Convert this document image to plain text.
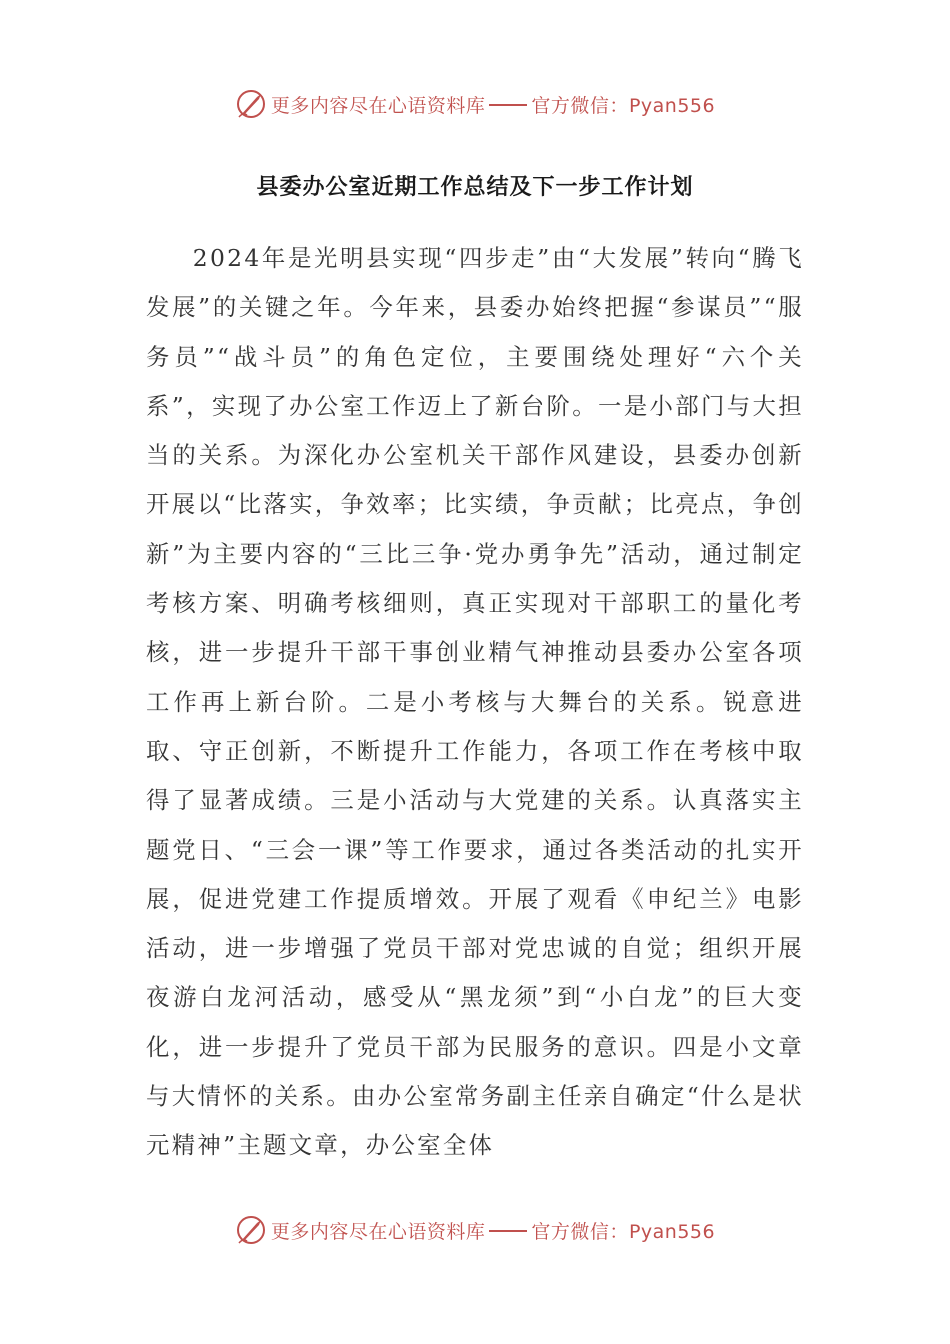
更多内容尽在心语资料库 官方微信：Pyan556
县委办公室近期工作总结及下一步工作计划
2024年是光明县实现“四步走”由“大发展”转向“腾飞发展”的关键之年。今年来，县委办始终把握“参谋员”“服务员”“战斗员”的角色定位，主要围绕处理好“六个关系”，实现了办公室工作迈上了新台阶。一是小部门与大担当的关系。为深化办公室机关干部作风建设，县委办创新开展以“比落实，争效率；比实绩，争贡献；比亮点，争创新”为主要内容的“三比三争·党办勇争先”活动，通过制定考核方案、明确考核细则，真正实现对干部职工的量化考核，进一步提升干部干事创业精气神推动县委办公室各项工作再上新台阶。二是小考核与大舞台的关系。锐意进取、守正创新，不断提升工作能力，各项工作在考核中取得了显著成绩。三是小活动与大党建的关系。认真落实主题党日、“三会一课”等工作要求，通过各类活动的扎实开展，促进党建工作提质增效。开展了观看《申纪兰》电影活动，进一步增强了党员干部对党忠诚的自觉；组织开展夜游白龙河活动，感受从“黑龙须”到“小白龙”的巨大变化，进一步提升了党员干部为民服务的意识。四是小文章与大情怀的关系。由办公室常务副主任亲自确定“什么是状元精神”主题文章，办公室全体
更多内容尽在心语资料库 官方微信：Pyan556
